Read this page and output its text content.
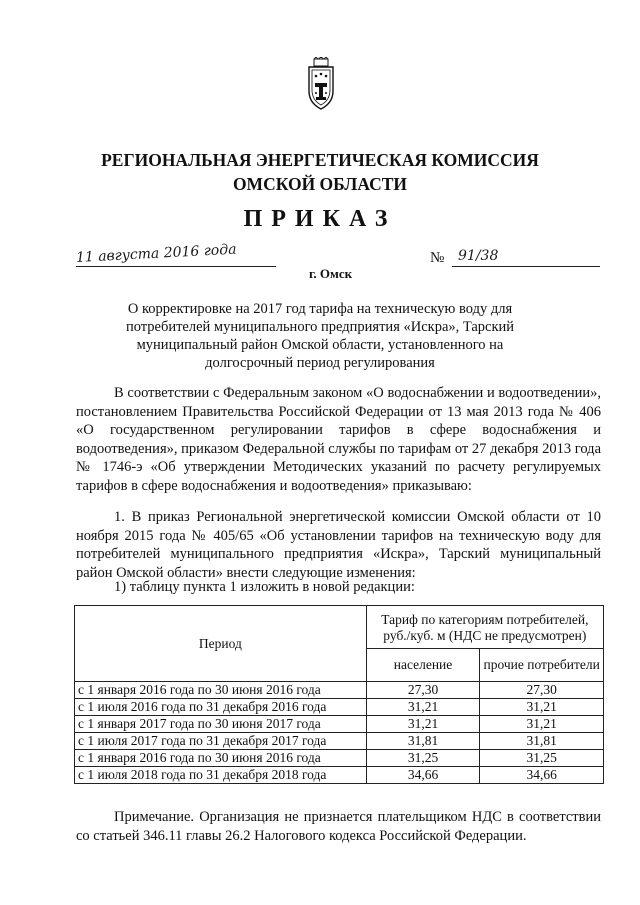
РЕГИОНАЛЬНАЯ ЭНЕРГЕТИЧЕСКАЯ КОМИССИЯ
ОМСКОЙ ОБЛАСТИ
ПРИКАЗ
11 августа 2016 года
г. Омск
№ 91/38
О корректировке на 2017 год тарифа на техническую воду для
потребителей муниципального предприятия «Искра», Тарский
муниципальный район Омской области, установленного на
долгосрочный период регулирования

В соответствии с Федеральным законом «О водоснабжении и водоотведении», постановлением Правительства Российской Федерации от 13 мая 2013 года № 406 «О государственном регулировании тарифов в сфере водоснабжения и водоотведения», приказом Федеральной службы по тарифам от 27 декабря 2013 года № 1746-э «Об утверждении Методических указаний по расчету регулируемых тарифов в сфере водоснабжения и водоотведения» приказываю:

1. В приказ Региональной энергетической комиссии Омской области от 10 ноября 2015 года № 405/65 «Об установлении тарифов на техническую воду для потребителей муниципального предприятия «Искра», Тарский муниципальный район Омской области» внести следующие изменения:

1) таблицу пункта 1 изложить в новой редакции:

Период	Тариф по категориям потребителей, руб./куб. м (НДС не предусмотрен)	
	население	прочие потребители
с 1 января 2016 года по 30 июня 2016 года	27,30	27,30
с 1 июля 2016 года по 31 декабря 2016 года	31,21	31,21
с 1 января 2017 года по 30 июня 2017 года	31,21	31,21
с 1 июля 2017 года по 31 декабря 2017 года	31,81	31,81
с 1 января 2016 года по 30 июня 2016 года	31,25	31,25
с 1 июля 2018 года по 31 декабря 2018 года	34,66	34,66

Примечание. Организация не признается плательщиком НДС в соответствии со статьей 346.11 главы 26.2 Налогового кодекса Российской Федерации.
